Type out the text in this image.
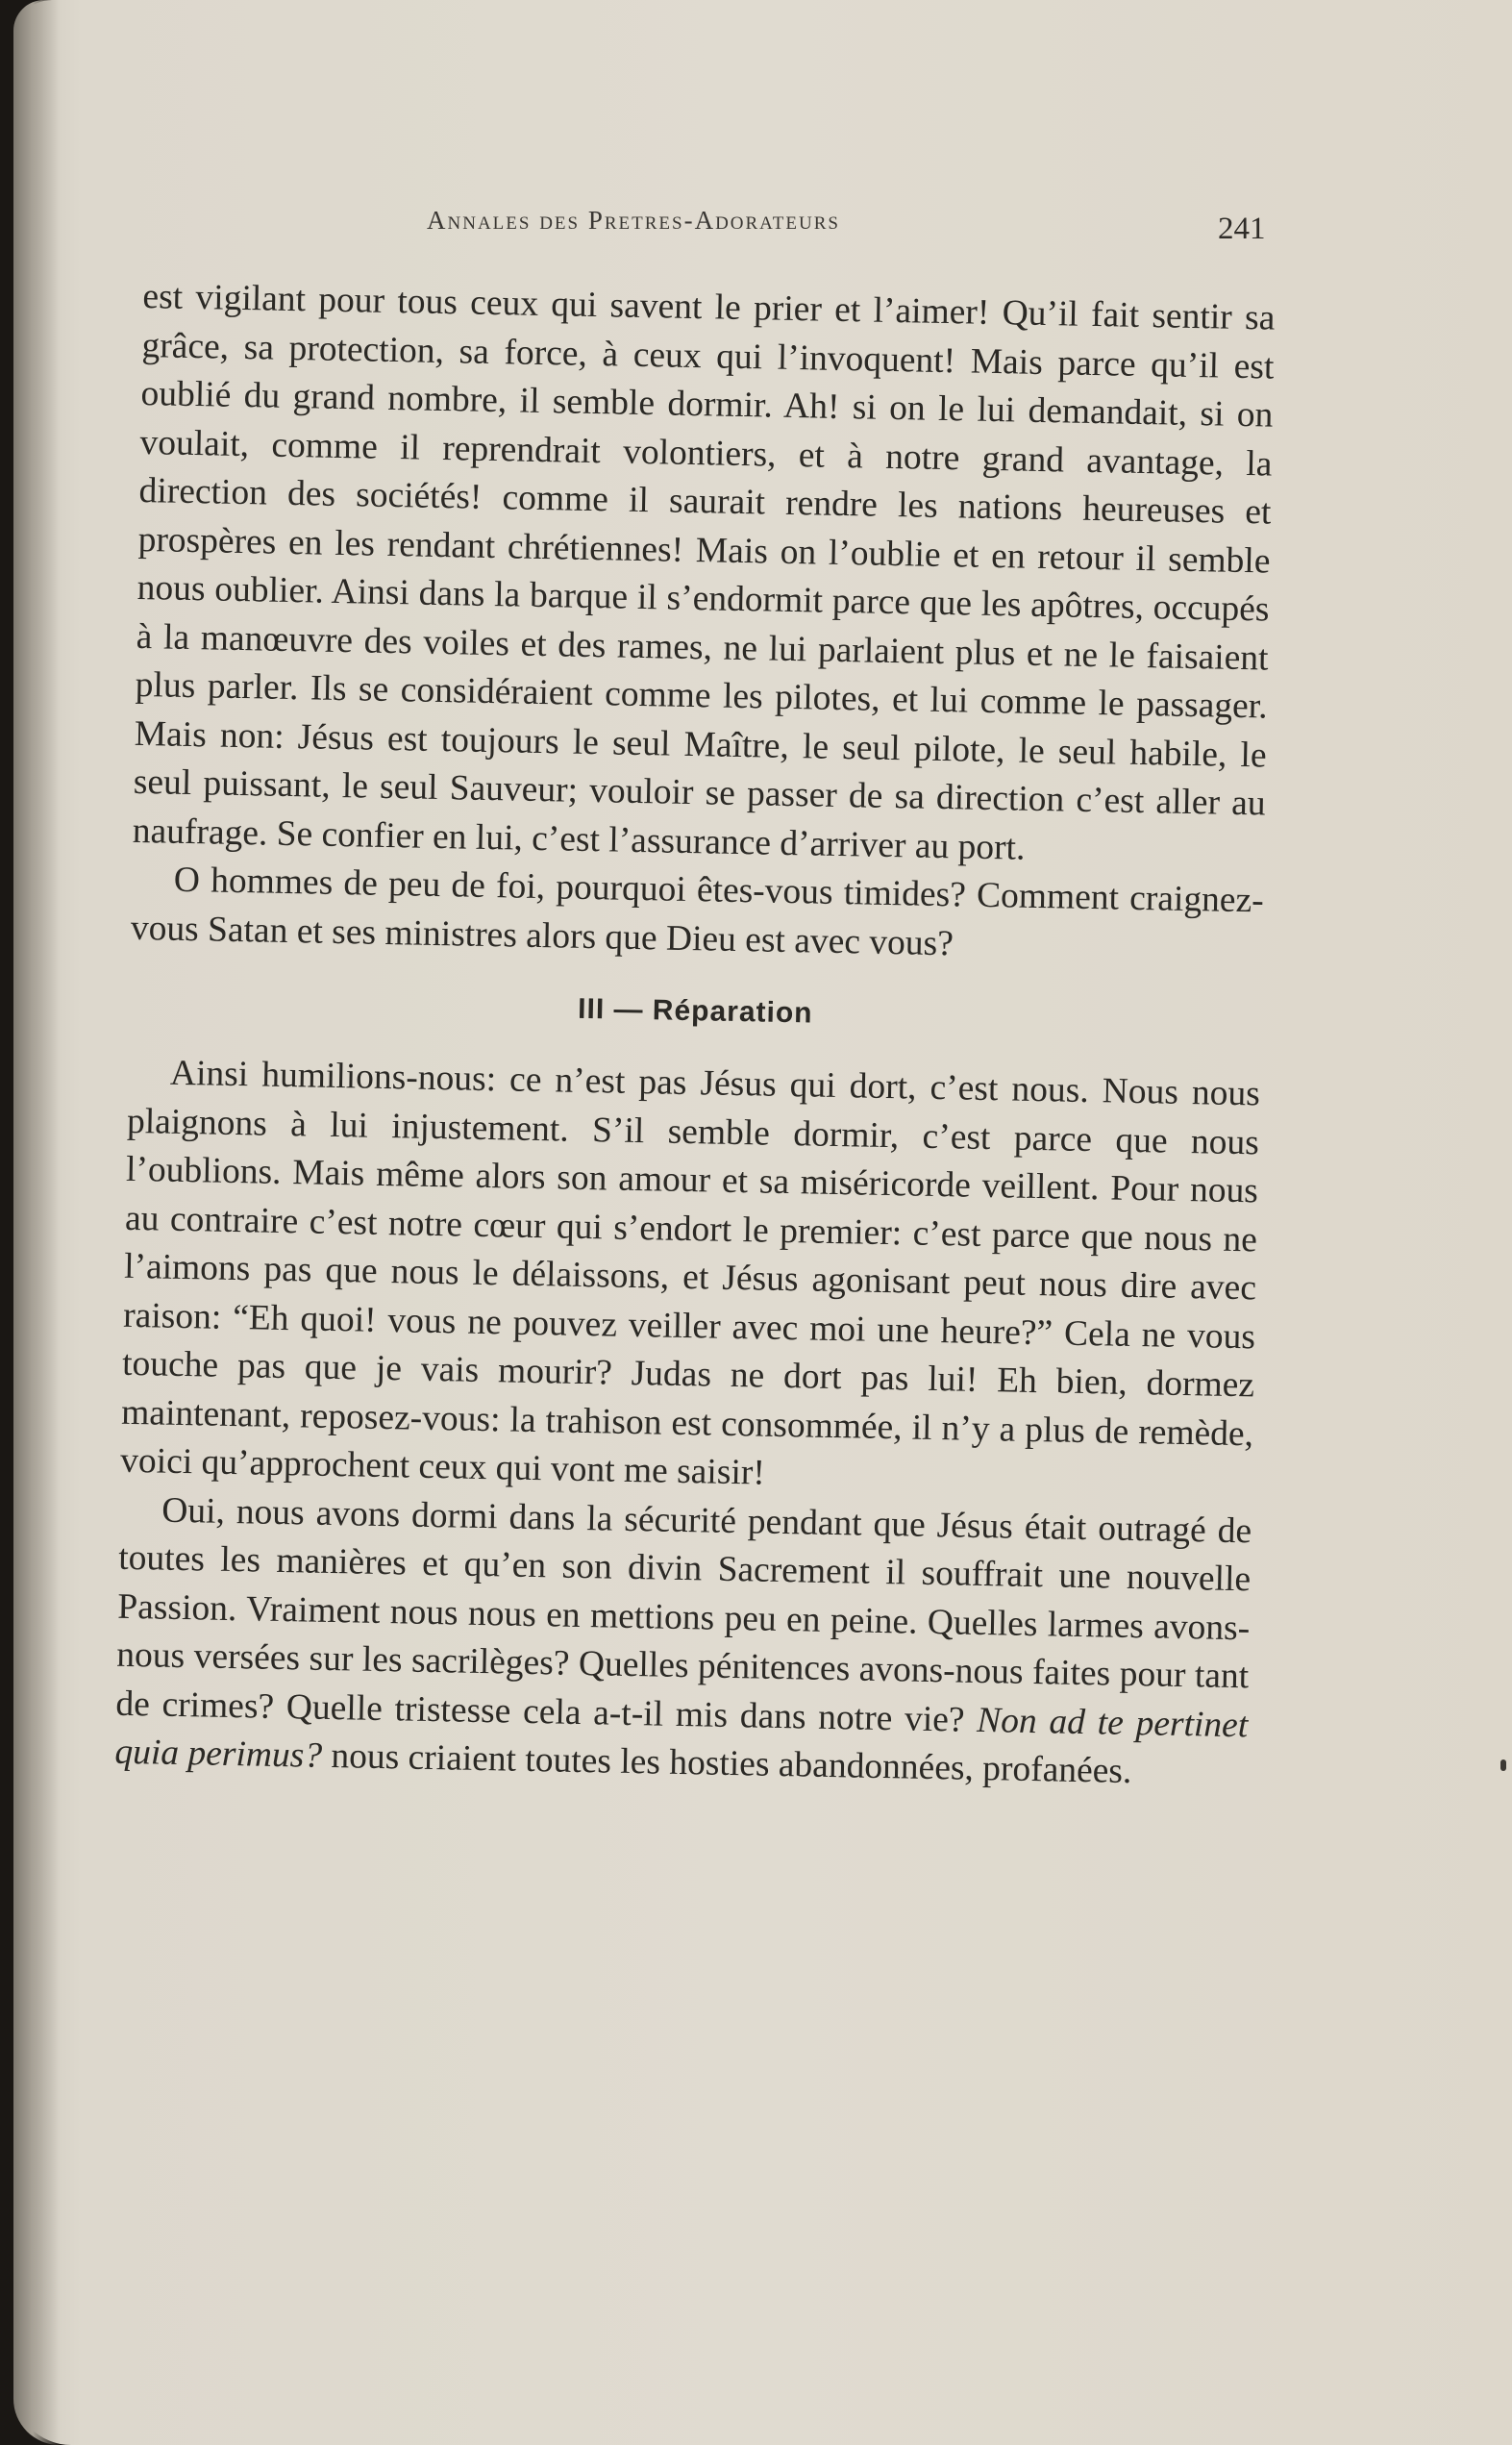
Annales des Pretres-Adorateurs	241

est vigilant pour tous ceux qui savent le prier et l’aimer! Qu’il fait sentir sa grâce, sa protection, sa force, à ceux qui l’invoquent! Mais parce qu’il est oublié du grand nombre, il semble dormir. Ah! si on le lui demandait, si on voulait, comme il reprendrait volontiers, et à notre grand avantage, la direction des sociétés! comme il saurait rendre les nations heureuses et prospères en les rendant chrétiennes! Mais on l’oublie et en retour il semble nous oublier. Ainsi dans la barque il s’endormit parce que les apôtres, occupés à la manœuvre des voiles et des rames, ne lui parlaient plus et ne le faisaient plus parler. Ils se considéraient comme les pilotes, et lui comme le passager. Mais non: Jésus est toujours le seul Maître, le seul pilote, le seul habile, le seul puissant, le seul Sauveur; vouloir se passer de sa direction c’est aller au naufrage. Se confier en lui, c’est l’assurance d’arriver au port.

O hommes de peu de foi, pourquoi êtes-vous timides? Comment craignez-vous Satan et ses ministres alors que Dieu est avec vous?

III — Réparation

Ainsi humilions-nous: ce n’est pas Jésus qui dort, c’est nous. Nous nous plaignons à lui injustement. S’il semble dormir, c’est parce que nous l’oublions. Mais même alors son amour et sa miséricorde veillent. Pour nous au contraire c’est notre cœur qui s’endort le premier: c’est parce que nous ne l’aimons pas que nous le délaissons, et Jésus agonisant peut nous dire avec raison: “Eh quoi! vous ne pouvez veiller avec moi une heure?” Cela ne vous touche pas que je vais mourir? Judas ne dort pas lui! Eh bien, dormez maintenant, reposez-vous: la trahison est consommée, il n’y a plus de remède, voici qu’approchent ceux qui vont me saisir!

Oui, nous avons dormi dans la sécurité pendant que Jésus était outragé de toutes les manières et qu’en son divin Sacrement il souffrait une nouvelle Passion. Vraiment nous nous en mettions peu en peine. Quelles larmes avons-nous versées sur les sacrilèges? Quelles pénitences avons-nous faites pour tant de crimes? Quelle tristesse cela a-t-il mis dans notre vie? Non ad te pertinet quia perimus? nous criaient toutes les hosties abandonnées, profanées.
